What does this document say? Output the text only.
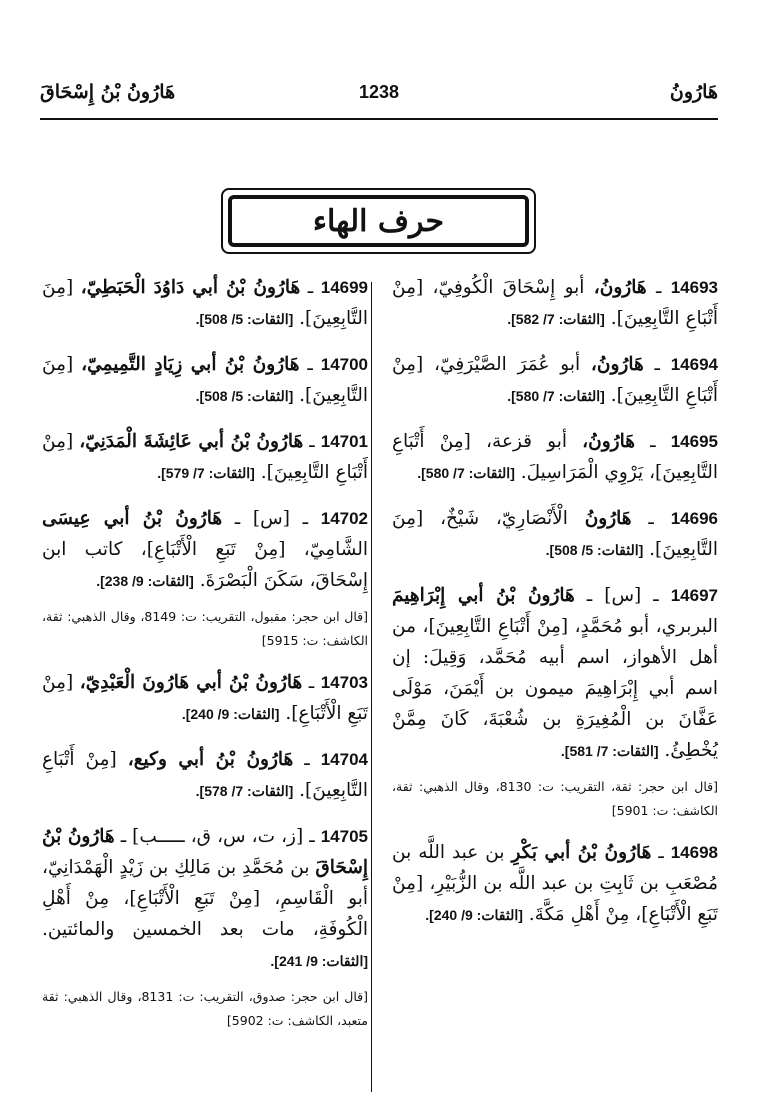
هَارُونُ بْنُ إِسْحَاقَ	1238	هَارُونُ
حرف الهاء

14693 ـ هَارُونُ، أبو إِسْحَاقَ الْكُوفِيّ، [مِنْ أَتْبَاعِ التَّابِعِينَ]. [الثقات: 7/ 582].

14694 ـ هَارُونُ، أبو عُمَرَ الصَّيْرَفِيّ، [مِنْ أَتْبَاعِ التَّابِعِينَ]. [الثقات: 7/ 580].

14695 ـ هَارُونُ، أبو قزعة، [مِنْ أَتْبَاعِ التَّابِعِينَ]، يَرْوِي الْمَرَاسِيلَ. [الثقات: 7/ 580].

14696 ـ هَارُونُ الْأَنْصَارِيّ، شَيْخٌ، [مِنَ التَّابِعِينَ]. [الثقات: 5/ 508].

14697 ـ [س] ـ هَارُونُ بْنُ أبي إِبْرَاهِيمَ البربري، أبو مُحَمَّدٍ، [مِنْ أَتْبَاعِ التَّابِعِينَ]، من أهل الأهواز، اسم أبيه مُحَمَّد، وَقِيلَ: إن اسم أبي إِبْرَاهِيمَ ميمون بن أَيْمَنَ، مَوْلَى عَفَّانَ بن الْمُغِيرَةِ بن شُعْبَةَ، كَانَ مِمَّنْ يُخْطِئُ. [الثقات: 7/ 581].

[قال ابن حجر: ثقة، التقريب: ت: 8130، وقال الذهبي: ثقة، الكاشف: ت: 5901]

14698 ـ هَارُونُ بْنُ أبي بَكْرِ بن عبد اللَّه بن مُصْعَبِ بن ثَابِتِ بن عبد اللَّه بن الزُّبَيْرِ، [مِنْ تَبَعِ الْأَتْبَاعِ]، مِنْ أَهْلِ مَكَّةَ. [الثقات: 9/ 240].

14699 ـ هَارُونُ بْنُ أبي دَاوُدَ الْحَبَطِيّ، [مِنَ التَّابِعِينَ]. [الثقات: 5/ 508].

14700 ـ هَارُونُ بْنُ أبي زِيَادٍ التَّمِيمِيّ، [مِنَ التَّابِعِينَ]. [الثقات: 5/ 508].

14701 ـ هَارُونُ بْنُ أبي عَائِشَةَ الْمَدَنِيّ، [مِنْ أَتْبَاعِ التَّابِعِينَ]. [الثقات: 7/ 579].

14702 ـ [س] ـ هَارُونُ بْنُ أبي عِيسَى الشَّامِيّ، [مِنْ تَبَعِ الْأَتْبَاعِ]، كاتب ابن إِسْحَاقَ، سَكَنَ الْبَصْرَةَ. [الثقات: 9/ 238].

[قال ابن حجر: مقبول، التقريب: ت: 8149، وقال الذهبي: ثقة، الكاشف: ت: 5915]

14703 ـ هَارُونُ بْنُ أبي هَارُونَ الْعَبْدِيّ، [مِنْ تَبَعِ الْأَتْبَاعِ]. [الثقات: 9/ 240].

14704 ـ هَارُونُ بْنُ أبي وكيع، [مِنْ أَتْبَاعِ التَّابِعِينَ]. [الثقات: 7/ 578].

14705 ـ [ز، ت، س، ق، ـــــب] ـ هَارُونُ بْنُ إِسْحَاقَ بن مُحَمَّدِ بن مَالِكِ بن زَيْدٍ الْهَمْدَانِيّ، أبو الْقَاسِمِ، [مِنْ تَبَعِ الْأَتْبَاعِ]، مِنْ أَهْلِ الْكُوفَةِ، مات بعد الخمسين والمائتين. [الثقات: 9/ 241].

[قال ابن حجر: صدوق، التقريب: ت: 8131، وقال الذهبي: ثقة متعبد، الكاشف: ت: 5902]
